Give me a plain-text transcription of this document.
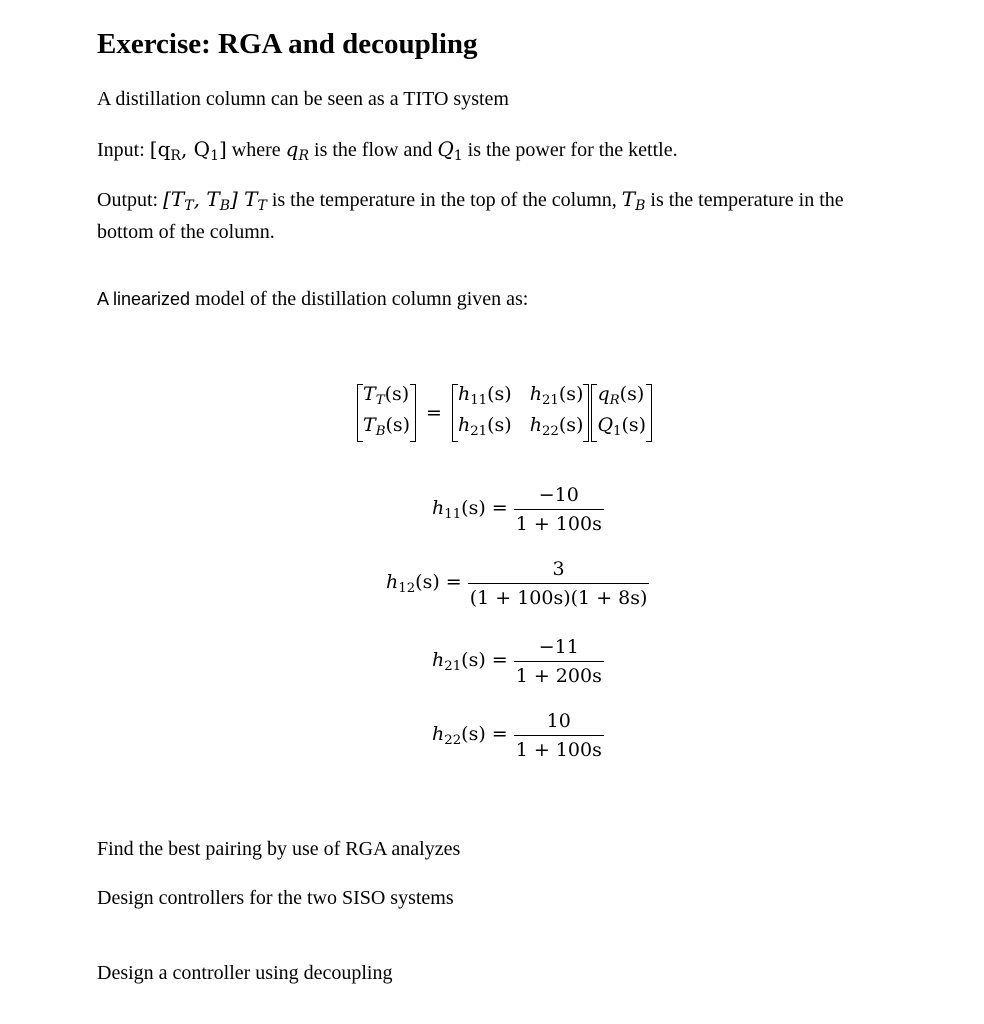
Exercise: RGA and decoupling
A distillation column can be seen as a TITO system
Input: [$q_R$, $Q_1$] where $q_R$ is the flow and $Q_1$ is the power for the kettle.
Output: [$T_T$, $T_B$] $T_T$ is the temperature in the top of the column, $T_B$ is the temperature in the bottom of the column.
A linearized model of the distillation column given as:
$T_T(s)$
$T_B(s)$
=
$h_{11}(s)$ $h_{21}(s)$
$h_{21}(s)$ $h_{22}(s)$
$q_R(s)$
$Q_1(s)$
$h_{11}(s) = \frac{-10}{1 + 100s}$
$h_{12}(s) = \frac{3}{(1 + 100s)(1 + 8s)}$
$h_{21}(s) = \frac{-11}{1 + 200s}$
$h_{22}(s) = \frac{10}{1 + 100s}$
Find the best pairing by use of RGA analyzes
Design controllers for the two SISO systems
Design a controller using decoupling
